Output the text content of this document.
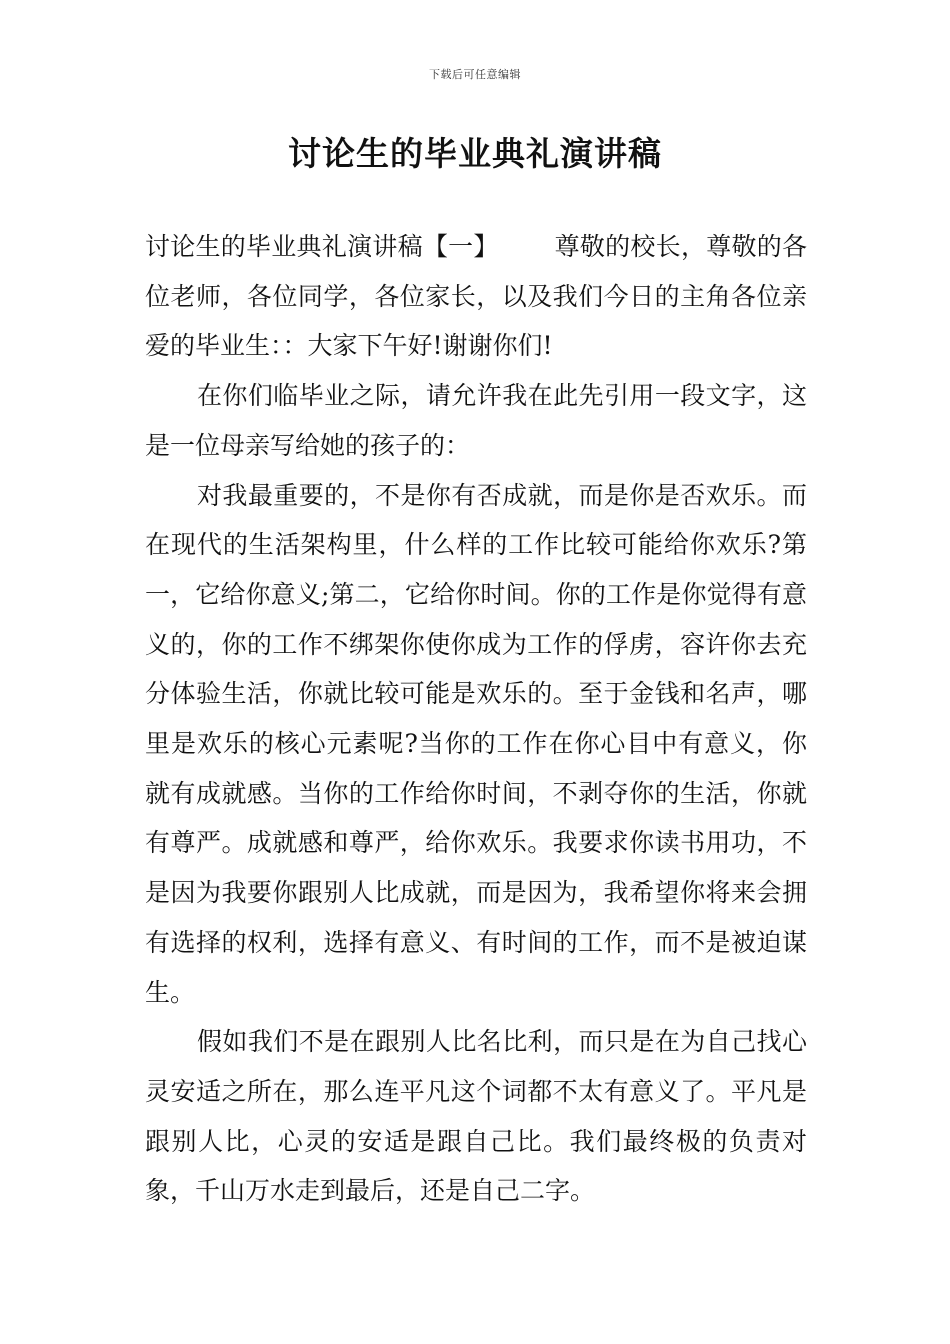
下载后可任意编辑
讨论生的毕业典礼演讲稿

讨论生的毕业典礼演讲稿【一】 尊敬的校长，尊敬的各位老师，各位同学，各位家长，以及我们今日的主角各位亲爱的毕业生：：大家下午好!谢谢你们!

在你们临毕业之际，请允许我在此先引用一段文字，这是一位母亲写给她的孩子的：

对我最重要的，不是你有否成就，而是你是否欢乐。而在现代的生活架构里，什么样的工作比较可能给你欢乐?第一，它给你意义;第二，它给你时间。你的工作是你觉得有意义的，你的工作不绑架你使你成为工作的俘虏，容许你去充分体验生活，你就比较可能是欢乐的。至于金钱和名声，哪里是欢乐的核心元素呢?当你的工作在你心目中有意义，你就有成就感。当你的工作给你时间，不剥夺你的生活，你就有尊严。成就感和尊严，给你欢乐。我要求你读书用功，不是因为我要你跟别人比成就，而是因为，我希望你将来会拥有选择的权利，选择有意义、有时间的工作，而不是被迫谋生。

假如我们不是在跟别人比名比利，而只是在为自己找心灵安适之所在，那么连平凡这个词都不太有意义了。平凡是跟别人比，心灵的安适是跟自己比。我们最终极的负责对象，千山万水走到最后，还是自己二字。
